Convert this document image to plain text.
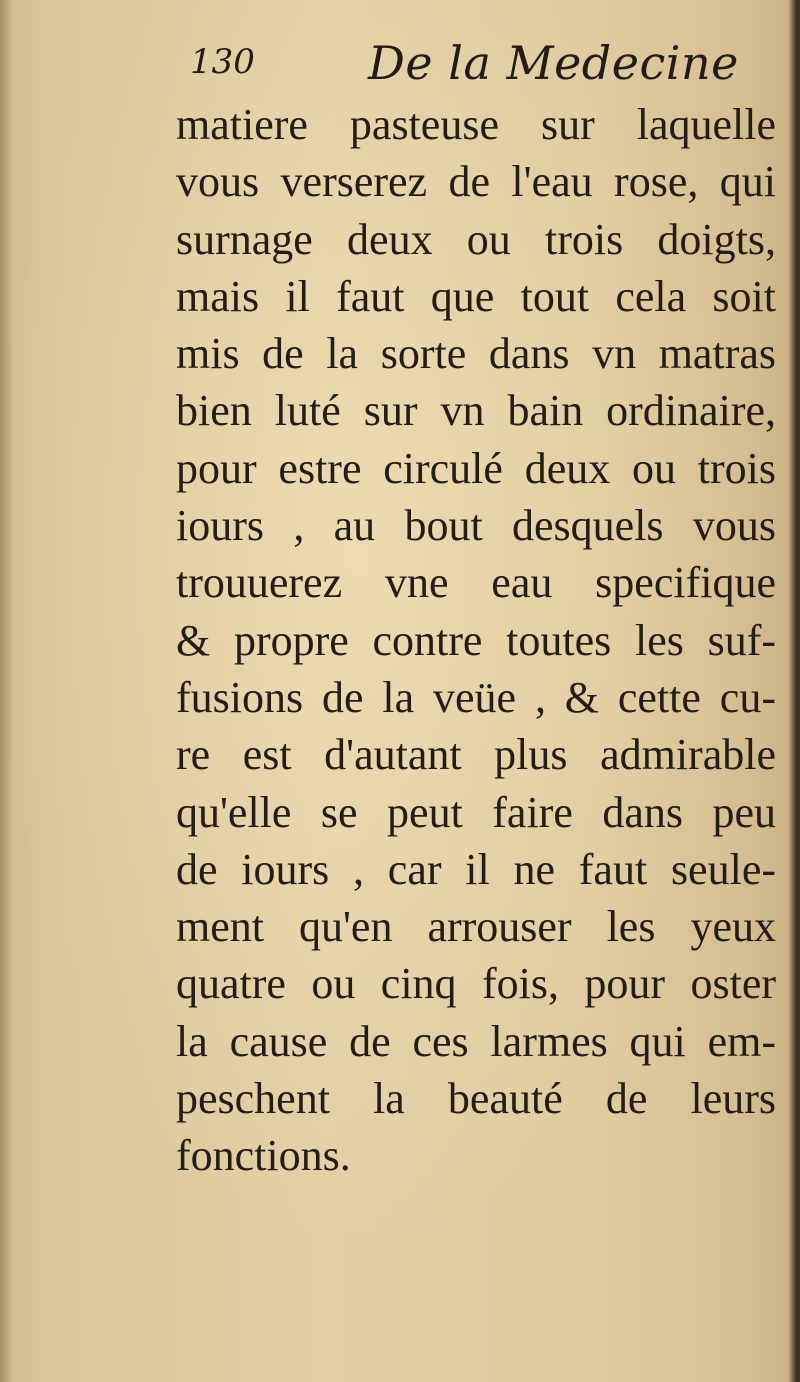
130 De la Medecine
matiere pasteuse sur laquelle
vous verserez de l'eau rose, qui
surnage deux ou trois doigts,
mais il faut que tout cela soit
mis de la sorte dans vn matras
bien luté sur vn bain ordinaire,
pour estre circulé deux ou trois
iours , au bout desquels vous
trouuerez vne eau specifique
& propre contre toutes les suf-
fusions de la veüe , & cette cu-
re est d'autant plus admirable
qu'elle se peut faire dans peu
de iours , car il ne faut seule-
ment qu'en arrouser les yeux
quatre ou cinq fois, pour oster
la cause de ces larmes qui em-
peschent la beauté de leurs
fonctions.
